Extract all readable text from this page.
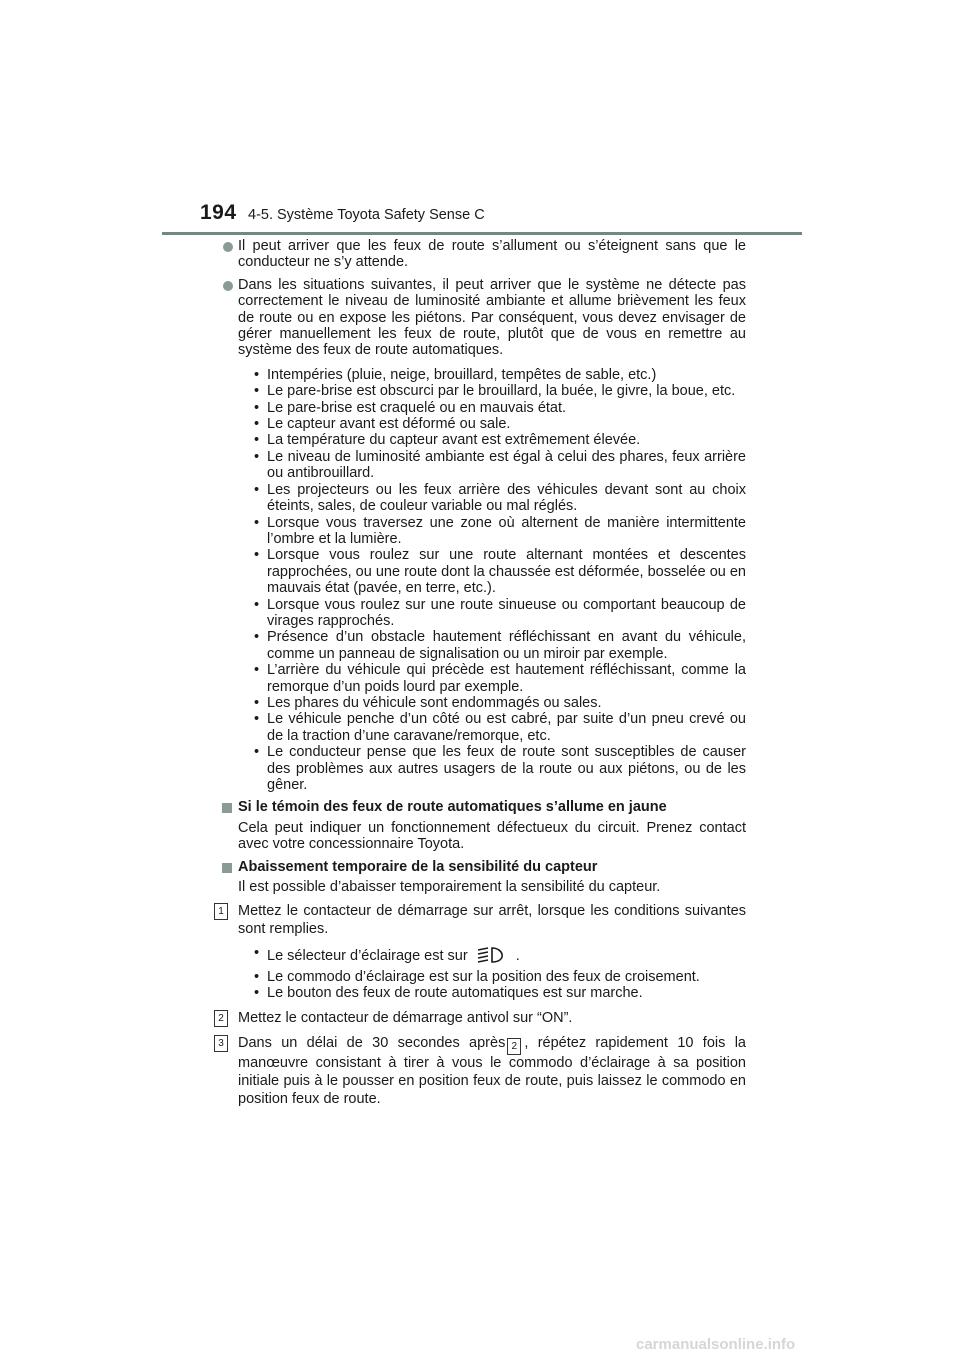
194 4-5. Système Toyota Safety Sense C
Il peut arriver que les feux de route s’allument ou s’éteignent sans que le conducteur ne s’y attende.
Dans les situations suivantes, il peut arriver que le système ne détecte pas correctement le niveau de luminosité ambiante et allume brièvement les feux de route ou en expose les piétons. Par conséquent, vous devez envisager de gérer manuellement les feux de route, plutôt que de vous en remettre au système des feux de route automatiques.
• Intempéries (pluie, neige, brouillard, tempêtes de sable, etc.)
• Le pare-brise est obscurci par le brouillard, la buée, le givre, la boue, etc.
• Le pare-brise est craquelé ou en mauvais état.
• Le capteur avant est déformé ou sale.
• La température du capteur avant est extrêmement élevée.
• Le niveau de luminosité ambiante est égal à celui des phares, feux arrière ou antibrouillard.
• Les projecteurs ou les feux arrière des véhicules devant sont au choix éteints, sales, de couleur variable ou mal réglés.
• Lorsque vous traversez une zone où alternent de manière intermittente l’ombre et la lumière.
• Lorsque vous roulez sur une route alternant montées et descentes rapprochées, ou une route dont la chaussée est déformée, bosselée ou en mauvais état (pavée, en terre, etc.).
• Lorsque vous roulez sur une route sinueuse ou comportant beaucoup de virages rapprochés.
• Présence d’un obstacle hautement réfléchissant en avant du véhicule, comme un panneau de signalisation ou un miroir par exemple.
• L’arrière du véhicule qui précède est hautement réfléchissant, comme la remorque d’un poids lourd par exemple.
• Les phares du véhicule sont endommagés ou sales.
• Le véhicule penche d’un côté ou est cabré, par suite d’un pneu crevé ou de la traction d’une caravane/remorque, etc.
• Le conducteur pense que les feux de route sont susceptibles de causer des problèmes aux autres usagers de la route ou aux piétons, ou de les gêner.
Si le témoin des feux de route automatiques s’allume en jaune
Cela peut indiquer un fonctionnement défectueux du circuit. Prenez contact avec votre concessionnaire Toyota.
Abaissement temporaire de la sensibilité du capteur
Il est possible d’abaisser temporairement la sensibilité du capteur.
1 Mettez le contacteur de démarrage sur arrêt, lorsque les conditions suivantes sont remplies.
• Le sélecteur d’éclairage est sur	.
• Le commodo d’éclairage est sur la position des feux de croisement.
• Le bouton des feux de route automatiques est sur marche.
2 Mettez le contacteur de démarrage antivol sur “ON”.
3 Dans un délai de 30 secondes après 2 , répétez rapidement 10 fois la manœuvre consistant à tirer à vous le commodo d’éclairage à sa position initiale puis à le pousser en position feux de route, puis laissez le commodo en position feux de route.
carmanualsonline.info
